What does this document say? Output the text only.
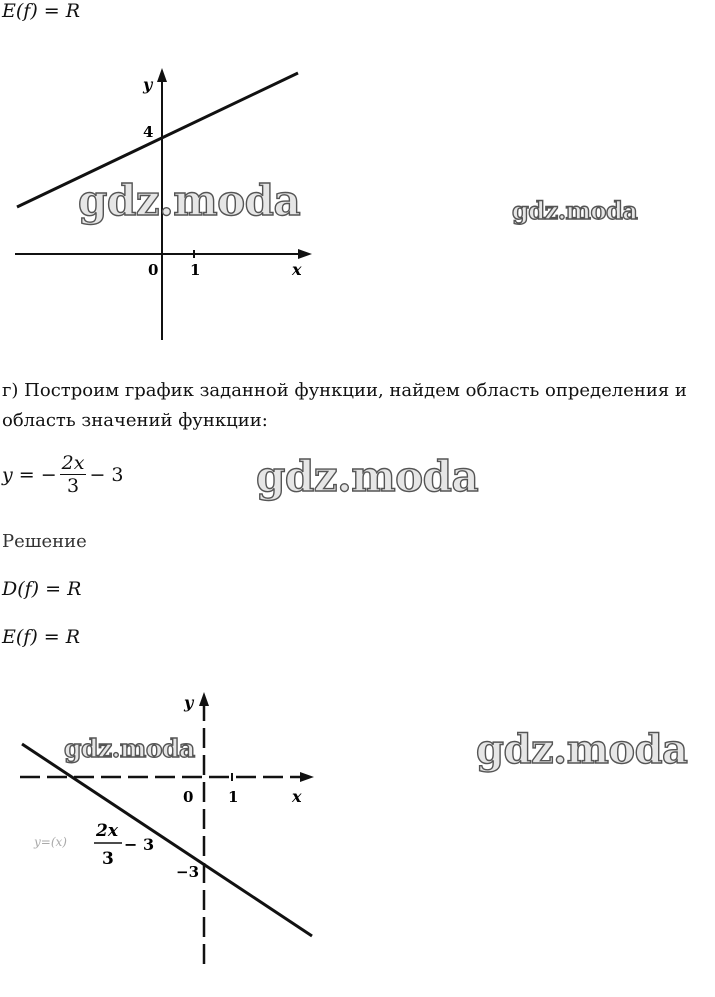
E(f) = R
y
4
0 1	x
gdz.moda	gdz.moda
gdz.moda
gdz.moda	gdz.moda
г) Построим график заданной функции, найдем область определения и
область значений функции:
y = − $\frac{2x}{3} - 3$
Решение
D(f) = R
E(f) = R
y
0 1	x
−3
y=(x)
2x
3
− 3
